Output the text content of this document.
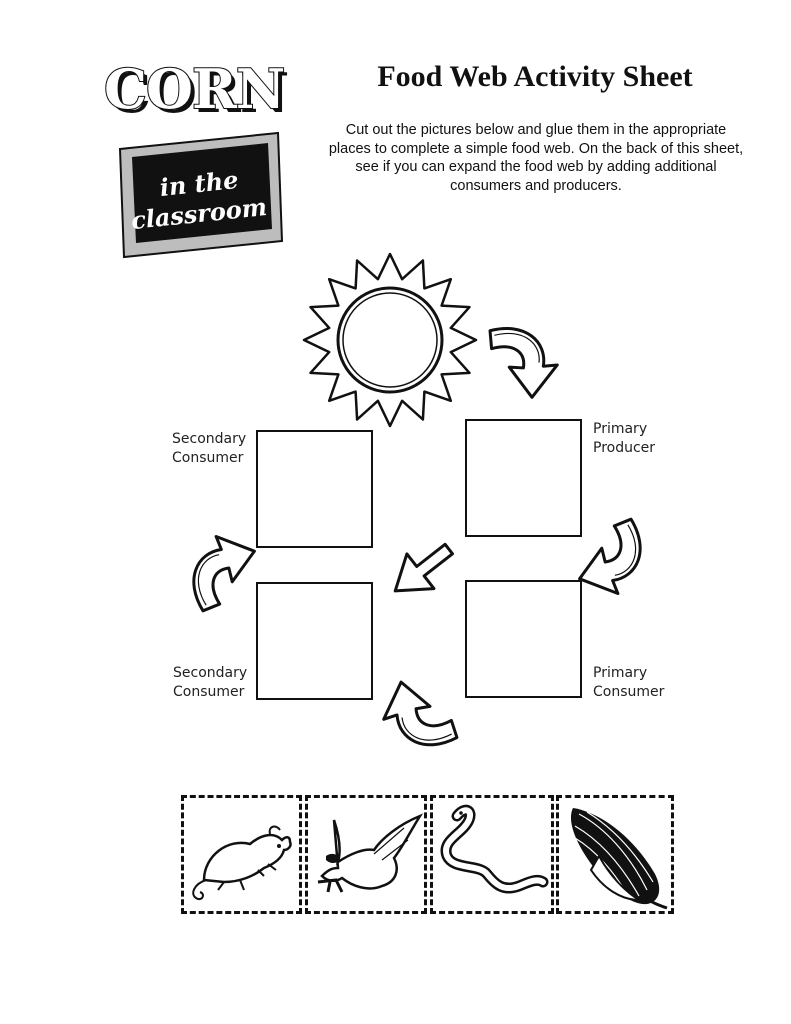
in the
classroom
CORN	Food Web Activity Sheet
Cut out the pictures below and glue them in the appropriate places to complete a simple food web. On the back of this sheet, see if you can expand the food web by adding additional consumers and producers.
Secondary
Consumer
Primary
Producer
Secondary
Consumer
Primary
Consumer
